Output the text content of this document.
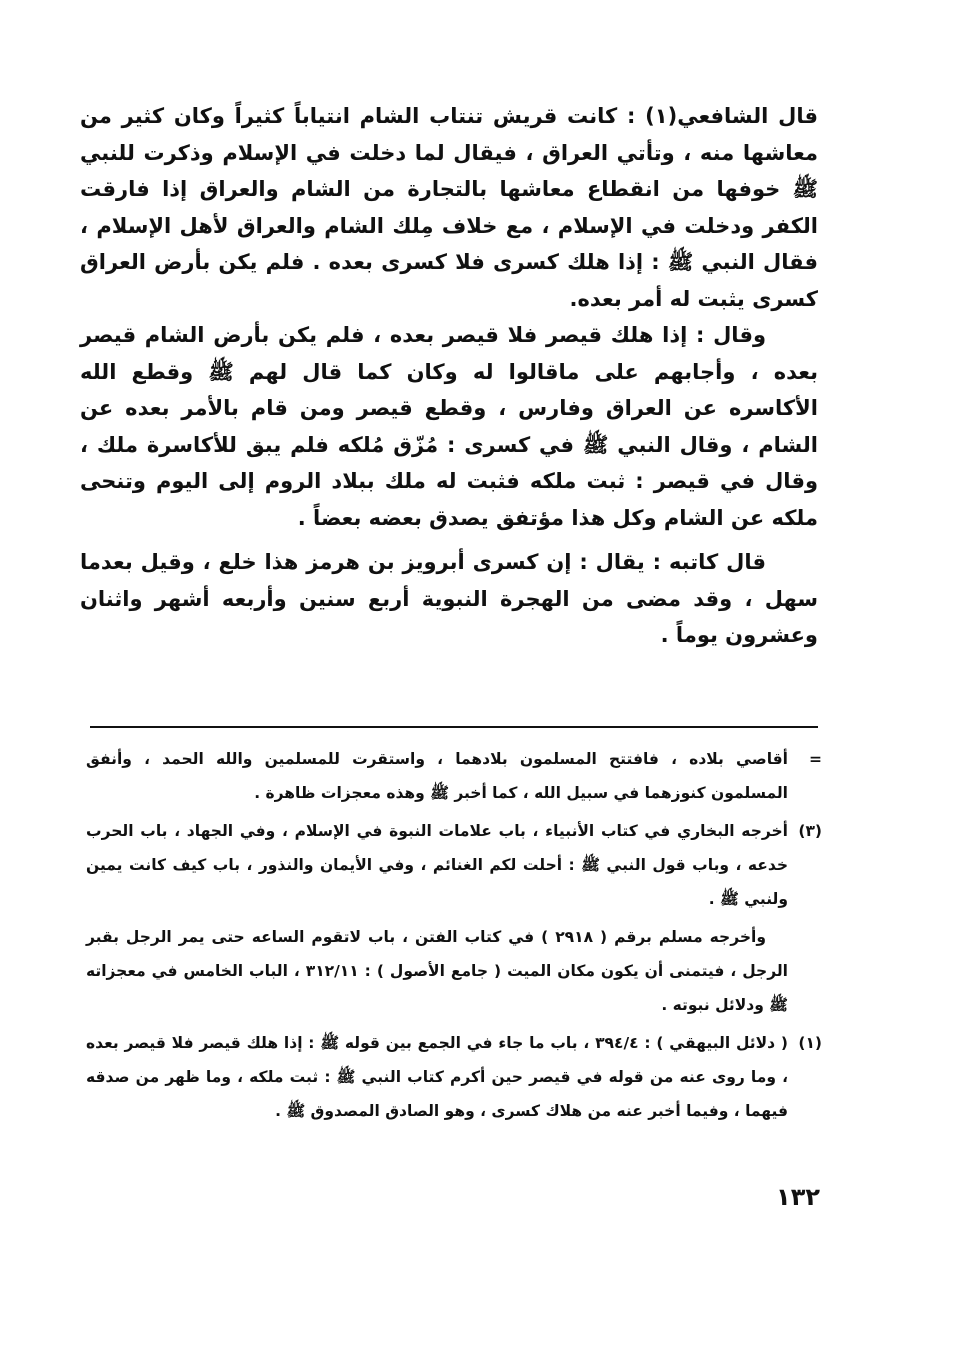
قال الشافعي(١) : كانت قريش تنتاب الشام انتياباً كثيراً وكان كثير من معاشها منه ، وتأتي العراق ، فيقال لما دخلت في الإسلام وذكرت للنبي ﷺ خوفها من انقطاع معاشها بالتجارة من الشام والعراق إذا فارقت الكفر ودخلت في الإسلام ، مع خلاف مِلك الشام والعراق لأهل الإسلام ، فقال النبي ﷺ : إذا هلك كسرى فلا كسرى بعده . فلم يكن بأرض العراق كسرى يثبت له أمر بعده.

وقال : إذا هلك قيصر فلا قيصر بعده ، فلم يكن بأرض الشام قيصر بعده ، وأجابهم على ماقالوا له وكان كما قال لهم ﷺ وقطع الله الأكاسره عن العراق وفارس ، وقطع قيصر ومن قام بالأمر بعده عن الشام ، وقال النبي ﷺ في كسرى : مُزّق مُلكه فلم يبق للأكاسرة ملك ، وقال في قيصر : ثبت ملكه فثبت له ملك ببلاد الروم إلى اليوم وتنحى ملكه عن الشام وكل هذا مؤتفق يصدق بعضه بعضاً .

قال كاتبه : يقال : إن كسرى أبرويز بن هرمز هذا خلع ، وقيل بعدما سهل ، وقد مضى من الهجرة النبوية أربع سنين وأربعه أشهر واثنان وعشرون يوماً .

=

أقاصي بلاده ، فافتتح المسلمون بلادهما ، واستقرت للمسلمين والله الحمد ، وأنفق المسلمون كنوزهما في سبيل الله ، كما أخبر ﷺ وهذه معجزات ظاهرة .

(٣)

أخرجه البخاري في كتاب الأنبياء ، باب علامات النبوة في الإسلام ، وفي الجهاد ، باب الحرب خدعه ، وباب قول النبي ﷺ : أحلت لكم الغنائم ، وفي الأيمان والنذور ، باب كيف كانت يمين ولنبي ﷺ .

وأخرجه مسلم برقم ( ٢٩١٨ ) في كتاب الفتن ، باب لاتقوم الساعه حتى يمر الرجل بقبر الرجل ، فيتمنى أن يكون مكان الميت ( جامع الأصول ) : ٣١٢/١١ ، الباب الخامس في معجزاته ﷺ ودلائل نبوته .

(١)

( دلائل البيهقي ) : ٣٩٤/٤ ، باب ما جاء في الجمع بين قوله ﷺ : إذا هلك قيصر فلا قيصر بعده ، وما روى عنه من قوله في قيصر حين أكرم كتاب النبي ﷺ : ثبت ملكه ، وما ظهر من صدقه فيهما ، وفيما أخبر عنه من هلاك كسرى ، وهو الصادق المصدوق ﷺ .

١٣٢
